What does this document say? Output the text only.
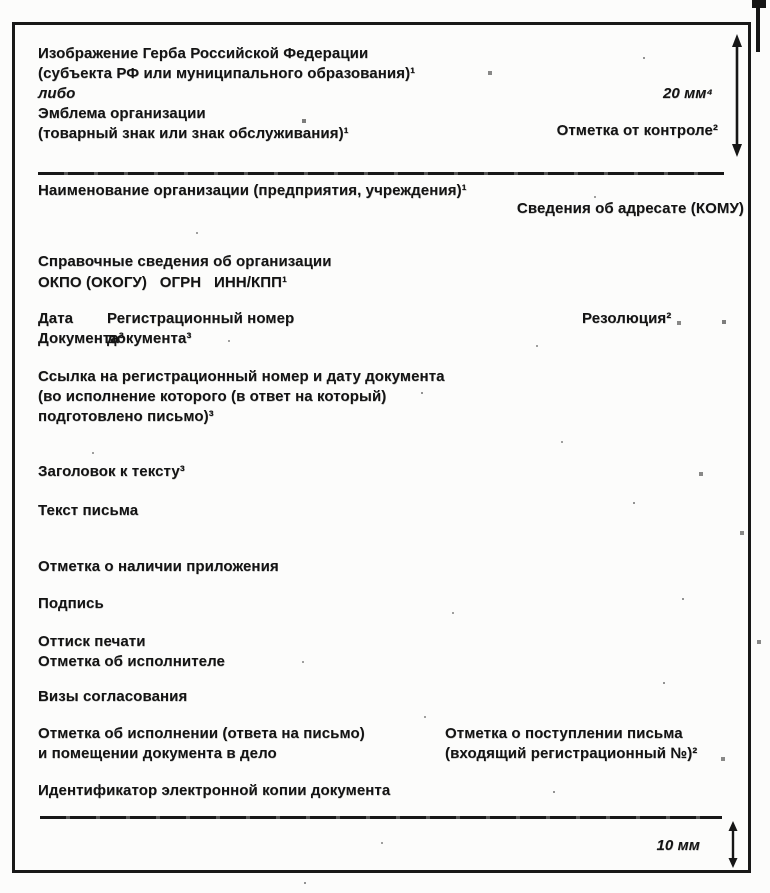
Изображение Герба Российской Федерации
(субъекта РФ или муниципального образования)¹
либо
Эмблема организации
(товарный знак или знак обслуживания)¹
20 мм⁴
Отметка от контроле²
Наименование организации (предприятия, учреждения)¹
Сведения об адресате (КОМУ)
Справочные сведения об организации
ОКПО (ОКОГУ)   ОГРН   ИНН/КПП¹
Дата
Документа³
Регистрационный номер
документа³
Резолюция²
Ссылка на регистрационный номер и дату документа
(во исполнение которого (в ответ на который)
подготовлено письмо)³
Заголовок к тексту³
Текст письма
Отметка о наличии приложения
Подпись
Оттиск печати
Отметка об исполнителе
Визы согласования
Отметка об исполнении (ответа на письмо)
и помещении документа в дело
Отметка о поступлении письма
(входящий регистрационный №)²
Идентификатор электронной копии документа
10 мм
